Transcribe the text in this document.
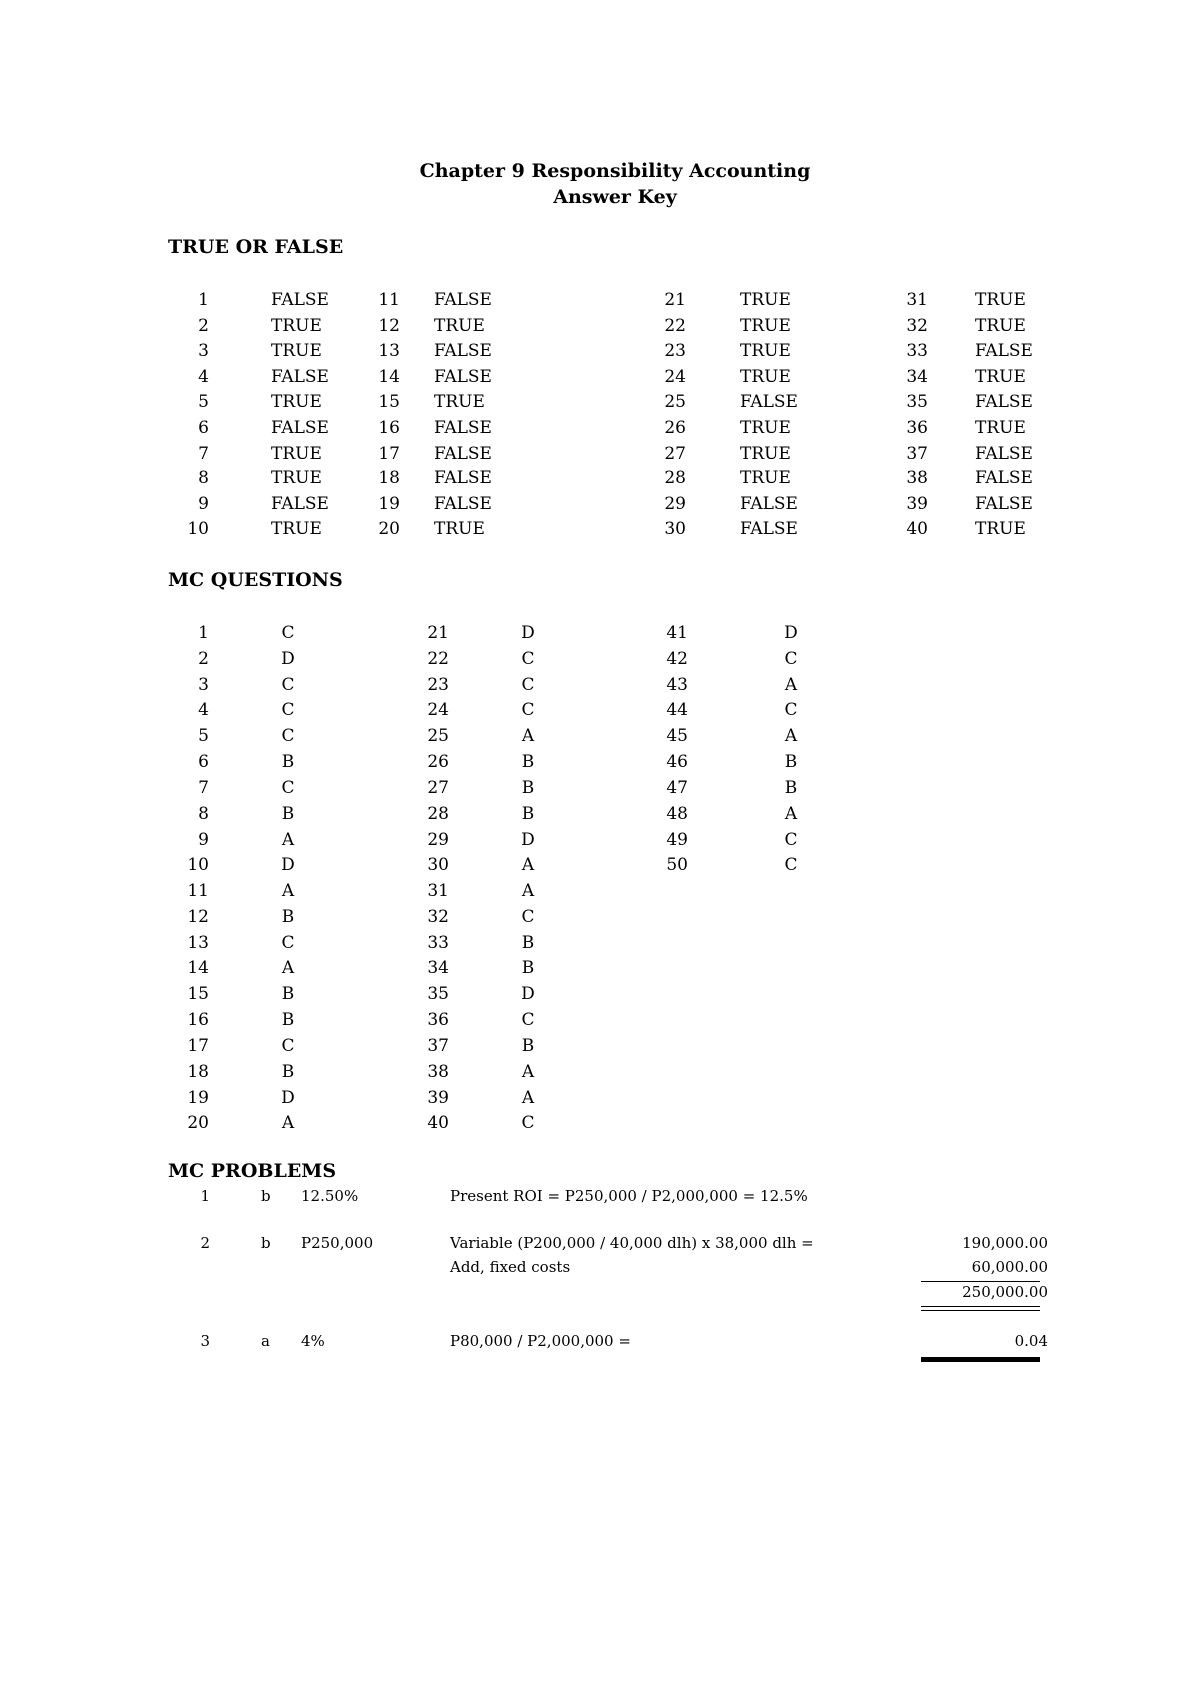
Chapter 9 Responsibility Accounting
Answer Key
TRUE OR FALSE
1	FALSE
2	TRUE
3	TRUE
4	FALSE
5	TRUE
6	FALSE
7	TRUE
8	TRUE
9	FALSE
10	TRUE
11 FALSE
12 TRUE
13 FALSE
14 FALSE
15 TRUE
16 FALSE
17 FALSE
18 FALSE
19 FALSE
20 TRUE
21	TRUE
22	TRUE
23	TRUE
24	TRUE
25	FALSE
26	TRUE
27	TRUE
28	TRUE
29	FALSE
30	FALSE
31	TRUE
32	TRUE
33	FALSE
34	TRUE
35	FALSE
36	TRUE
37	FALSE
38	FALSE
39	FALSE
40	TRUE
MC QUESTIONS
1	C
2	D
3	C
4	C
5	C
6	B
7	C
8	B
9	A
10	D
11	A
12	B
13	C
14	A
15	B
16	B
17	C
18	B
19	D
20	A
21	D
22	C
23	C
24	C
25	A
26	B
27	B
28	B
29	D
30	A
31	A
32	C
33	B
34	B
35	D
36	C
37	B
38	A
39	A
40	C
41	D
42	C
43	A
44	C
45	A
46	B
47	B
48	A
49	C
50	C
MC PROBLEMS
1	b 12.50%	Present ROI = P250,000 / P2,000,000 = 12.5%
2	b P250,000	Variable (P200,000 / 40,000 dlh) x 38,000 dlh =	190,000.00
Add, fixed costs	60,000.00
250,000.00
3	a 4%	P80,000 / P2,000,000 =	0.04
